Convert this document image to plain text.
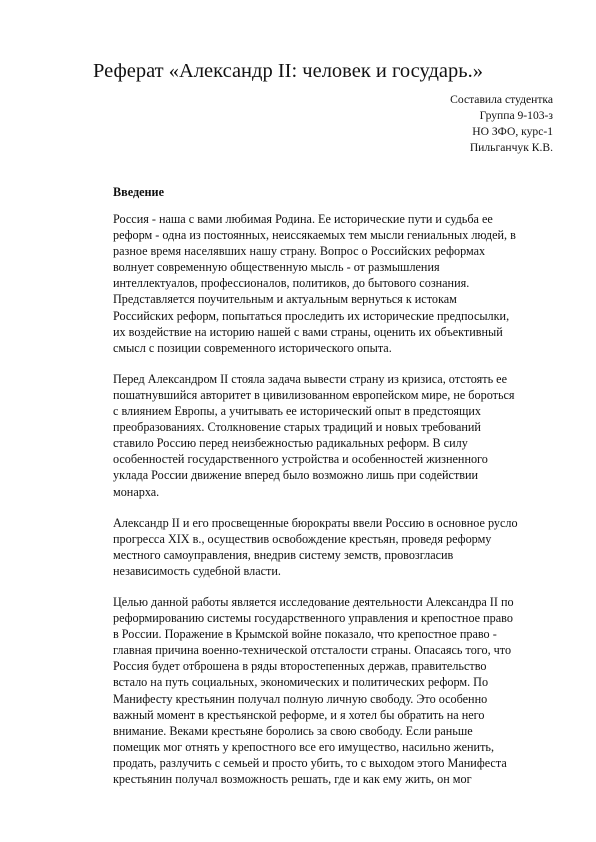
Реферат «Александр II: человек и государь.»
Составила студентка
Группа 9-103-з
НО ЗФО, курс-1
Пильганчук К.В.
Введение
Россия - наша с вами любимая Родина. Ее исторические пути и судьба ее
реформ - одна из постоянных, неиссякаемых тем мысли гениальных людей, в
разное время населявших нашу страну. Вопрос о Российских реформах
волнует современную общественную мысль - от размышления
интеллектуалов, профессионалов, политиков, до бытового сознания.
Представляется поучительным и актуальным вернуться к истокам
Российских реформ, попытаться проследить их исторические предпосылки,
их воздействие на историю нашей с вами страны, оценить их объективный
смысл с позиции современного исторического опыта.
Перед Александром II стояла задача вывести страну из кризиса, отстоять ее
пошатнувшийся авторитет в цивилизованном европейском мире, не бороться
с влиянием Европы, а учитывать ее исторический опыт в предстоящих
преобразованиях. Столкновение старых традиций и новых требований
ставило Россию перед неизбежностью радикальных реформ. В силу
особенностей государственного устройства и особенностей жизненного
уклада России движение вперед было возможно лишь при содействии
монарха.
Александр II и его просвещенные бюрократы ввели Россию в основное русло
прогресса XIX в., осуществив освобождение крестьян, проведя реформу
местного самоуправления, внедрив систему земств, провозгласив
независимость судебной власти.
Целью данной работы является исследование деятельности Александра II по
реформированию системы государственного управления и крепостное право
в России. Поражение в Крымской войне показало, что крепостное право -
главная причина военно-технической отсталости страны. Опасаясь того, что
Россия будет отброшена в ряды второстепенных держав, правительство
встало на путь социальных, экономических и политических реформ. По
Манифесту крестьянин получал полную личную свободу. Это особенно
важный момент в крестьянской реформе, и я хотел бы обратить на него
внимание. Веками крестьяне боролись за свою свободу. Если раньше
помещик мог отнять у крепостного все его имущество, насильно женить,
продать, разлучить с семьей и просто убить, то с выходом этого Манифеста
крестьянин получал возможность решать, где и как ему жить, он мог
